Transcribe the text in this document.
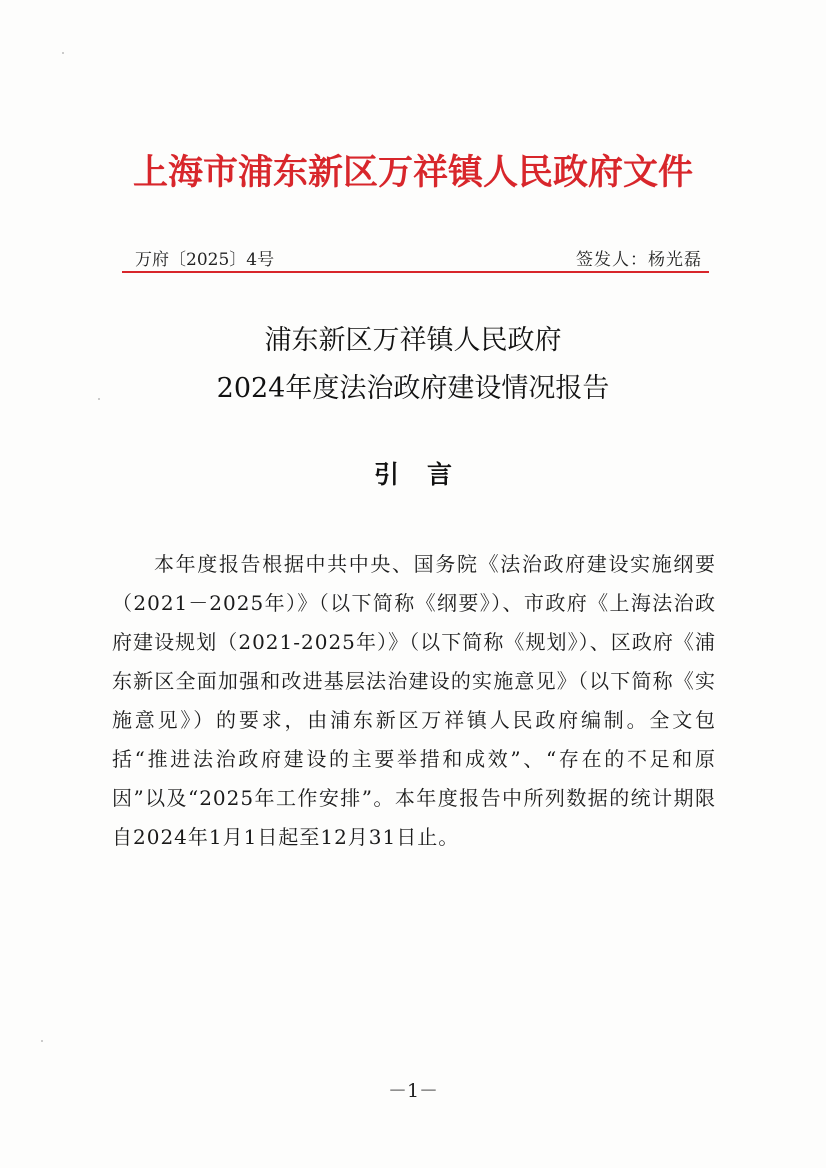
上海市浦东新区万祥镇人民政府文件
万府〔2025〕4号	签发人：杨光磊
浦东新区万祥镇人民政府
2024年度法治政府建设情况报告
引言

本年度报告根据中共中央、国务院《法治政府建设实施纲要（2021－2025年）》（以下简称《纲要》）、市政府《上海法治政府建设规划（2021-2025年）》（以下简称《规划》）、区政府《浦东新区全面加强和改进基层法治建设的实施意见》（以下简称《实施意见》）的要求，由浦东新区万祥镇人民政府编制。全文包括“推进法治政府建设的主要举措和成效”、“存在的不足和原因”以及“2025年工作安排”。本年度报告中所列数据的统计期限自2024年1月1日起至12月31日止。

－1－
